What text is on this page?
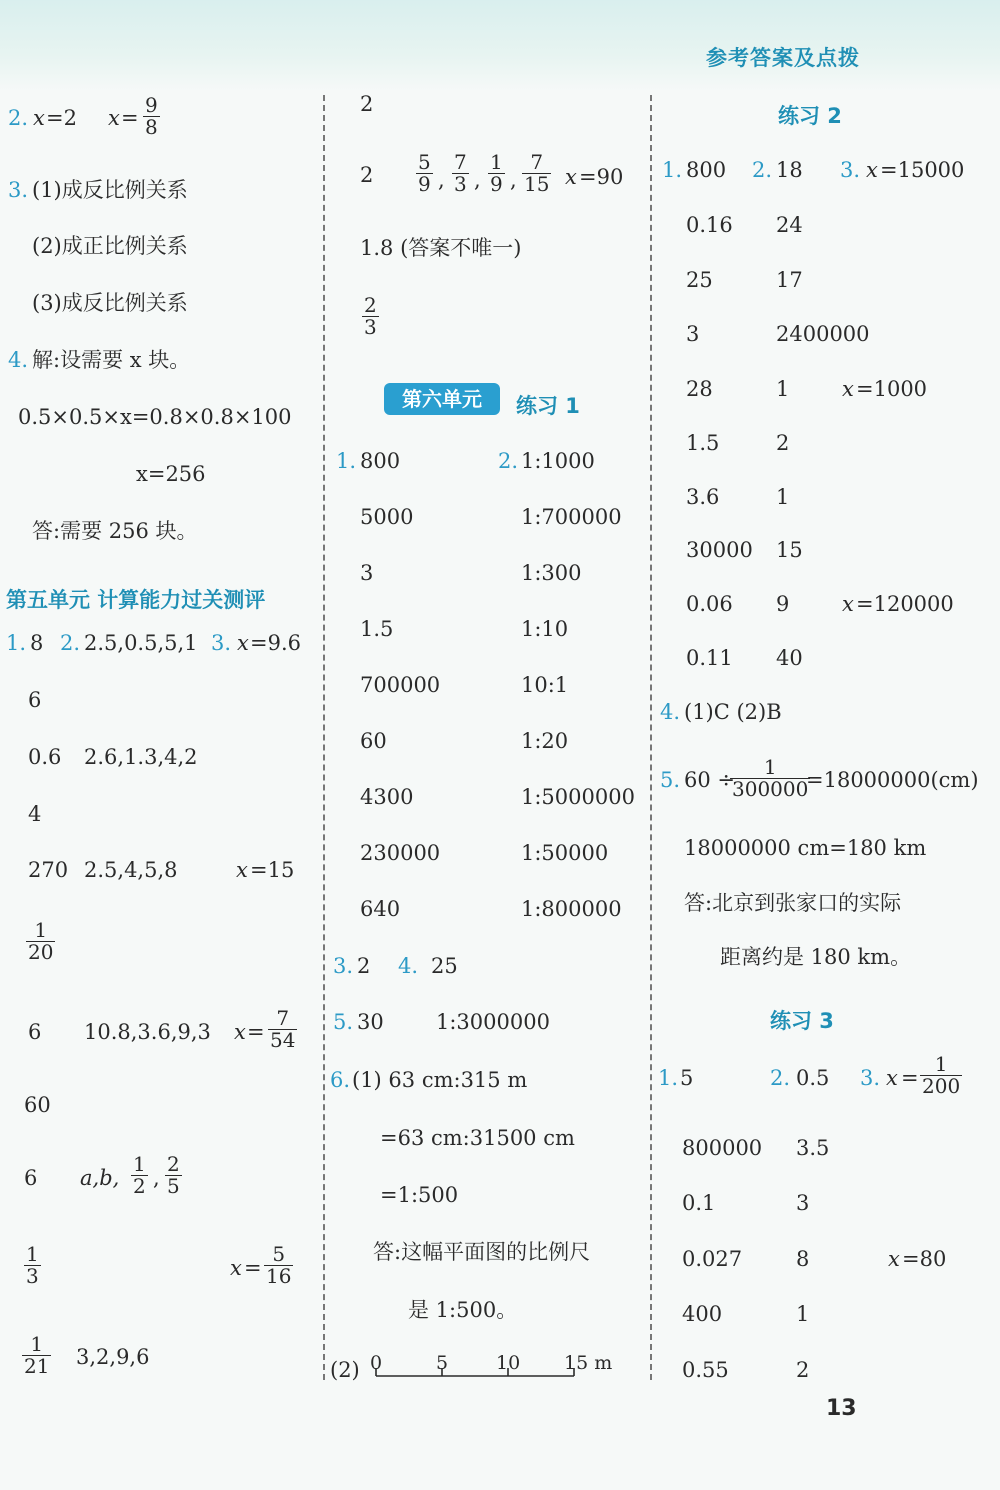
参考答案及点拨
2. x =2 $x = \frac{9}{8}$
3. (1)成反比例关系
(2)成正比例关系
(3)成反比例关系
4. 解:设需要 x 块。
0.5×0.5×x=0.8×0.8×100
x=256
答:需要 256 块。
第五单元 计算能力过关测评
1. 8 2. 2.5,0.5,5,1 3. x =9.6
6
0.6 2.6,1.3,4,2
4
270 2.5,4,5,8	x =15
$\frac{1}{20}$
6 10.8,3.6,9,3 $x = \frac{7}{54}$
60
6 a,b, $\frac{1}{2}$ , $\frac{2}{5}$
$\frac{1}{3}$	$x = \frac{5}{16}$
$\frac{1}{21} 3,2,9,6$
2
$2 \frac{5}{9}$ , $\frac{7}{3}$ , $\frac{1}{9}$ , $\frac{7}{15}$ x =90
1.8 (答案不唯一)
$\frac{2}{3}$
第六单元	练习 1
1.	2.
800	1:1000
5000	1:700000
3	1:300
1.5	1:10
700000	10:1
60	1:20
4300	1:5000000
230000	1:50000
640	1:800000
3. 2 4. 25
5. 30 1:3000000
6. (1) 63 cm:315 m
=63 cm:31500 cm
=1:500
答:这幅平面图的比例尺
是 1:500。
(2) 0	5	10 15 m
练习 2
1. 800 2. 18 3. x =15000
0.16 24
25	17
3	2400000
28	1	x =1000
1.5	2
3.6	1
30000 15
0.06 9	x =120000
0.11 40
4. (1)C (2)B
5. 60 ÷
$\frac{1}{300000}$
=18000000(cm)
18000000 cm=180 km
答:北京到张家口的实际
距离约是 180 km。
练习 3
1. 5	2. 0.5 3. $x = \frac{1}{200}$
800000 3.5
0.1	3
0.027	8	x =80
400	1
0.55	2
13
